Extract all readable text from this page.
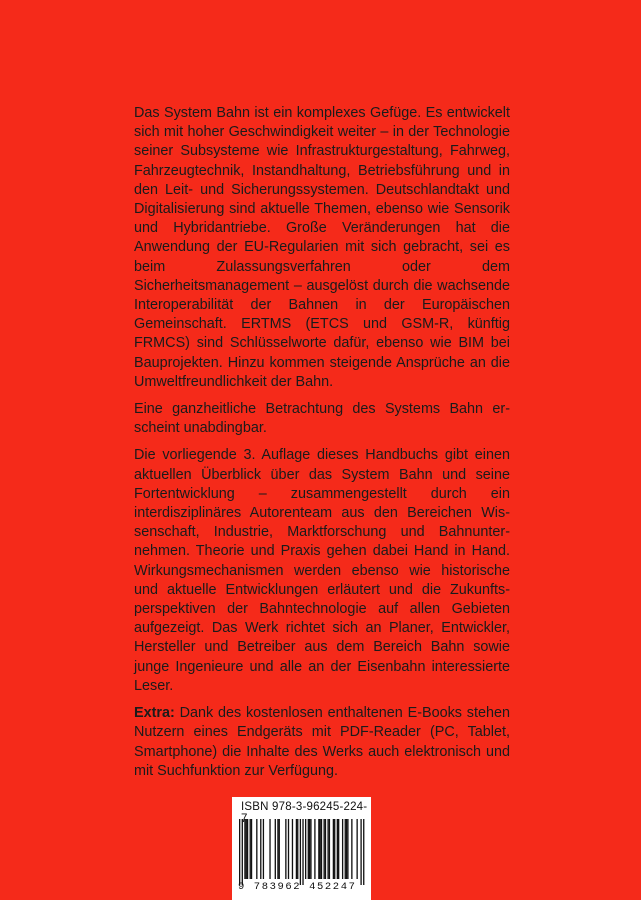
Das System Bahn ist ein komplexes Gefüge. Es entwickelt sich mit hoher Geschwindigkeit weiter – in der Technologie seiner Subsysteme wie Infrastrukturgestaltung, Fahrweg, Fahrzeugtechnik, Instandhaltung, Betriebsführung und in den Leit- und Sicherungssystemen. Deutschlandtakt und Digitalisierung sind aktuelle Themen, ebenso wie Sensorik und Hybridantriebe. Große Veränderungen hat die Anwendung der EU-Regularien mit sich gebracht, sei es beim Zulassungsverfahren oder dem Sicherheitsmanagement – ausgelöst durch die wachsende Interoperabilität der Bahnen in der Europäischen Gemeinschaft. ERTMS (ETCS und GSM-R, künftig FRMCS) sind Schlüsselworte dafür, ebenso wie BIM bei Bauprojekten. Hinzu kommen steigende Ansprüche an die Umweltfreundlichkeit der Bahn.

Eine ganzheitliche Betrachtung des Systems Bahn erscheint unabdingbar.

Die vorliegende 3. Auflage dieses Handbuchs gibt einen aktuellen Überblick über das System Bahn und seine Fortentwicklung – zusammengestellt durch ein interdisziplinäres Autorenteam aus den Bereichen Wissenschaft, Industrie, Marktforschung und Bahnunternehmen. Theorie und Praxis gehen dabei Hand in Hand. Wirkungsmechanismen werden ebenso wie historische und aktuelle Entwicklungen erläutert und die Zukunftsperspektiven der Bahntechnologie auf allen Gebieten aufgezeigt. Das Werk richtet sich an Planer, Entwickler, Hersteller und Betreiber aus dem Bereich Bahn sowie junge Ingenieure und alle an der Eisenbahn interessierte Leser.

Extra: Dank des kostenlosen enthaltenen E-Books stehen Nutzern eines Endgeräts mit PDF-Reader (PC, Tablet, Smartphone) die Inhalte des Werks auch elektronisch und mit Suchfunktion zur Verfügung.

ISBN 978-3-96245-224-
9 783962 452247
